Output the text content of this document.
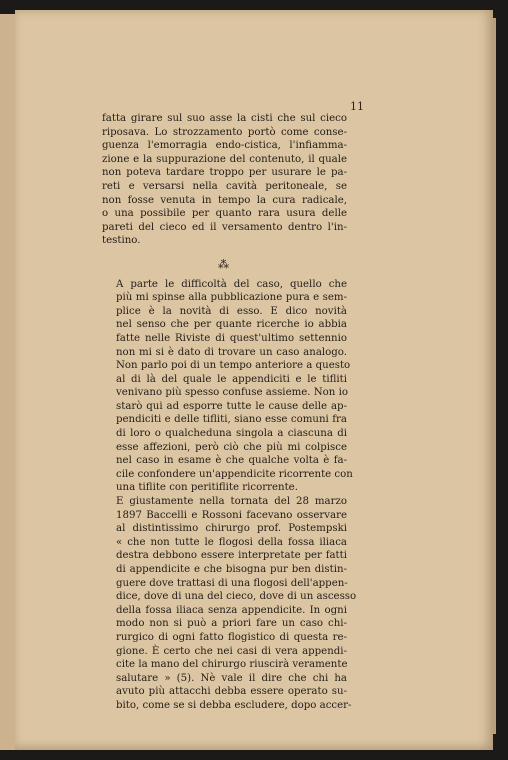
11
fatta girare sul suo asse la cisti che sul cieco
riposava. Lo strozzamento portò come conse-
guenza l'emorragia endo-cistica, l'infiamma-
zione e la suppurazione del contenuto, il quale
non poteva tardare troppo per usurare le pa-
reti e versarsi nella cavità peritoneale, se
non fosse venuta in tempo la cura radicale,
o una possibile per quanto rara usura delle
pareti del cieco ed il versamento dentro l'in-
testino.
⁂
A parte le difficoltà del caso, quello che
più mi spinse alla pubblicazione pura e sem-
plice è la novità di esso. E dico novità
nel senso che per quante ricerche io abbia
fatte nelle Riviste di quest'ultimo settennio
non mi si è dato di trovare un caso analogo.
Non parlo poi di un tempo anteriore a questo
al di là del quale le appendiciti e le tifliti
venivano più spesso confuse assieme. Non io
starò qui ad esporre tutte le cause delle ap-
pendiciti e delle tifliti, siano esse comuni fra
di loro o qualcheduna singola a ciascuna di
esse affezioni, però ciò che più mi colpisce
nel caso in esame è che qualche volta è fa-
cile confondere un'appendicite ricorrente con
una tiflite con peritiflite ricorrente.
E giustamente nella tornata del 28 marzo
1897 Baccelli e Rossoni facevano osservare
al distintissimo chirurgo prof. Postempski
« che non tutte le flogosi della fossa iliaca
destra debbono essere interpretate per fatti
di appendicite e che bisogna pur ben distin-
guere dove trattasi di una flogosi dell'appen-
dice, dove di una del cieco, dove di un ascesso
della fossa iliaca senza appendicite. In ogni
modo non si può a priori fare un caso chi-
rurgico di ogni fatto flogistico di questa re-
gione. È certo che nei casi di vera appendi-
cite la mano del chirurgo riuscirà veramente
salutare » (5). Nè vale il dire che chi ha
avuto più attacchi debba essere operato su-
bito, come se si debba escludere, dopo accer-
